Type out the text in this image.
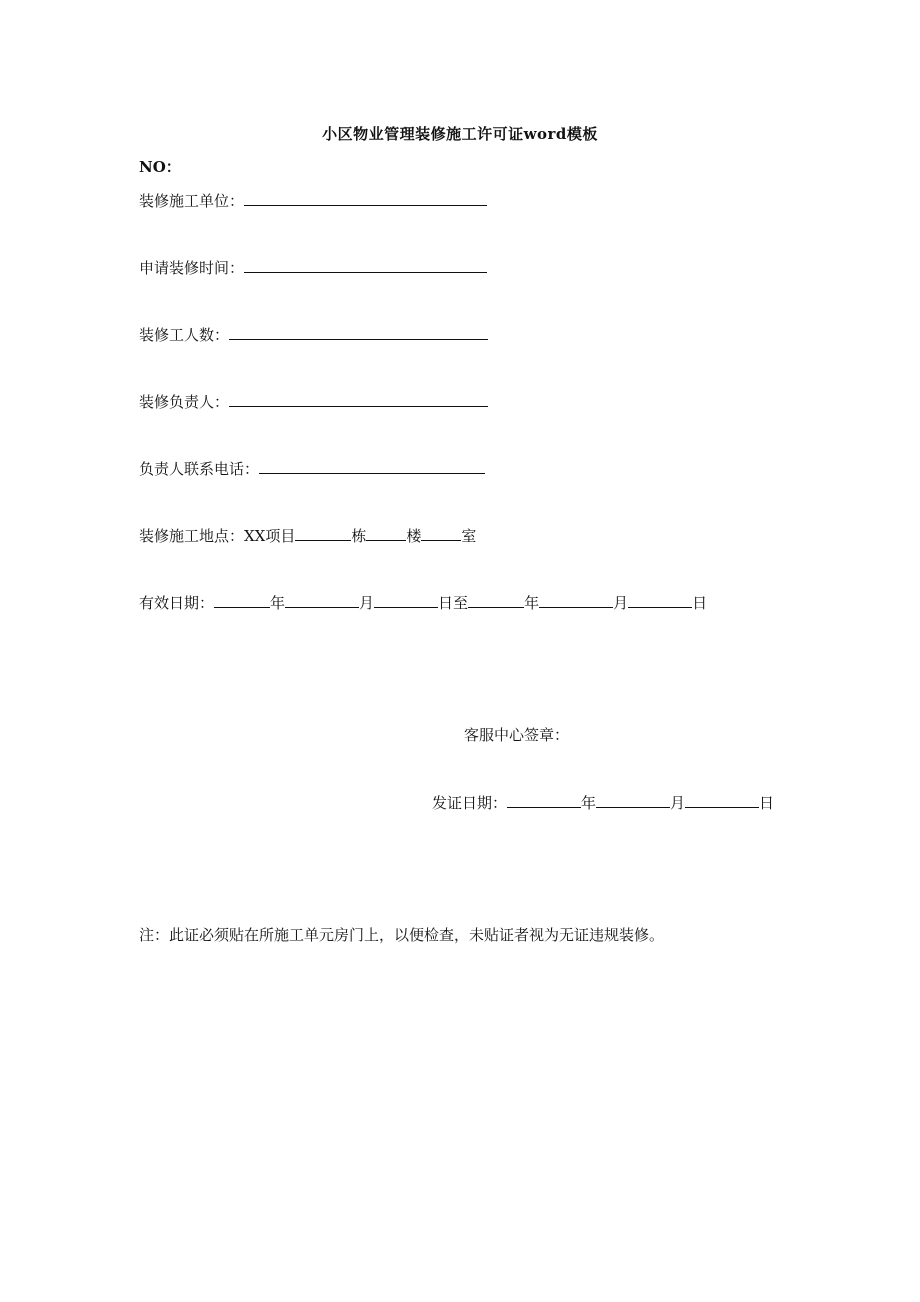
小区物业管理装修施工许可证word模板
NO：
装修施工单位：
申请装修时间：
装修工人数：
装修负责人：
负责人联系电话：
装修施工地点：XX项目	栋	楼	室
有效日期：	年	月	日至	年	月	日
客服中心签章：
发证日期：	年	月	日
注：此证必须贴在所施工单元房门上，以便检查，未贴证者视为无证违规装修。
